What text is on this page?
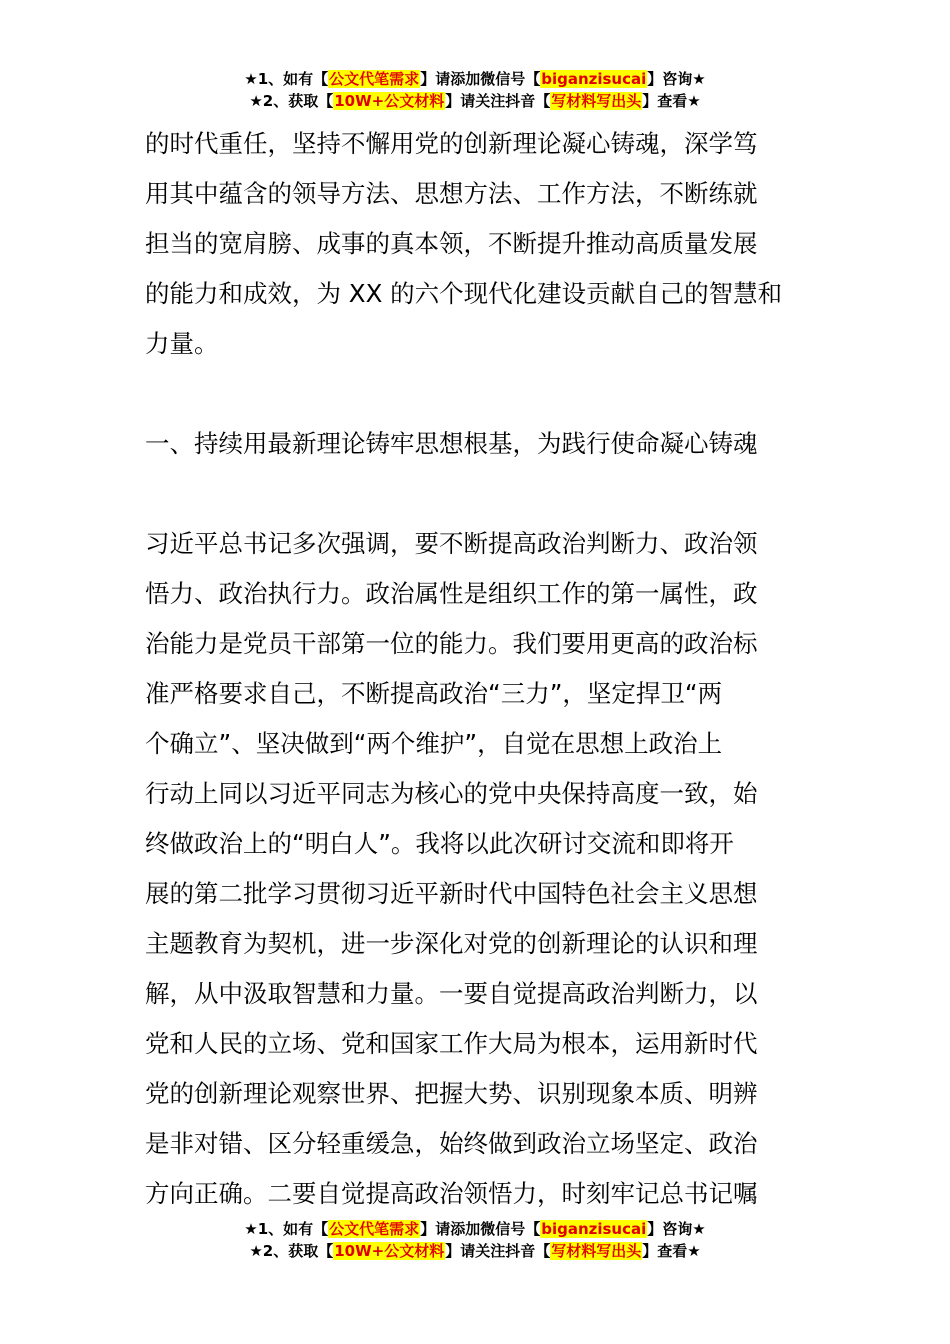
★1、如有【公文代笔需求】请添加微信号【biganzisucai】咨询★
★2、获取【10W+公文材料】请关注抖音【写材料写出头】查看★
的时代重任，坚持不懈用党的创新理论凝心铸魂，深学笃
用其中蕴含的领导方法、思想方法、工作方法，不断练就
担当的宽肩膀、成事的真本领，不断提升推动高质量发展
的能力和成效，为 XX 的六个现代化建设贡献自己的智慧和
力量。
一、持续用最新理论铸牢思想根基，为践行使命凝心铸魂
习近平总书记多次强调，要不断提高政治判断力、政治领
悟力、政治执行力。政治属性是组织工作的第一属性，政
治能力是党员干部第一位的能力。我们要用更高的政治标
准严格要求自己，不断提高政治“三力”，坚定捍卫“两
个确立”、坚决做到“两个维护”，自觉在思想上政治上
行动上同以习近平同志为核心的党中央保持高度一致，始
终做政治上的“明白人”。我将以此次研讨交流和即将开
展的第二批学习贯彻习近平新时代中国特色社会主义思想
主题教育为契机，进一步深化对党的创新理论的认识和理
解，从中汲取智慧和力量。一要自觉提高政治判断力，以
党和人民的立场、党和国家工作大局为根本，运用新时代
党的创新理论观察世界、把握大势、识别现象本质、明辨
是非对错、区分轻重缓急，始终做到政治立场坚定、政治
方向正确。二要自觉提高政治领悟力，时刻牢记总书记嘱
★1、如有【公文代笔需求】请添加微信号【biganzisucai】咨询★
★2、获取【10W+公文材料】请关注抖音【写材料写出头】查看★
